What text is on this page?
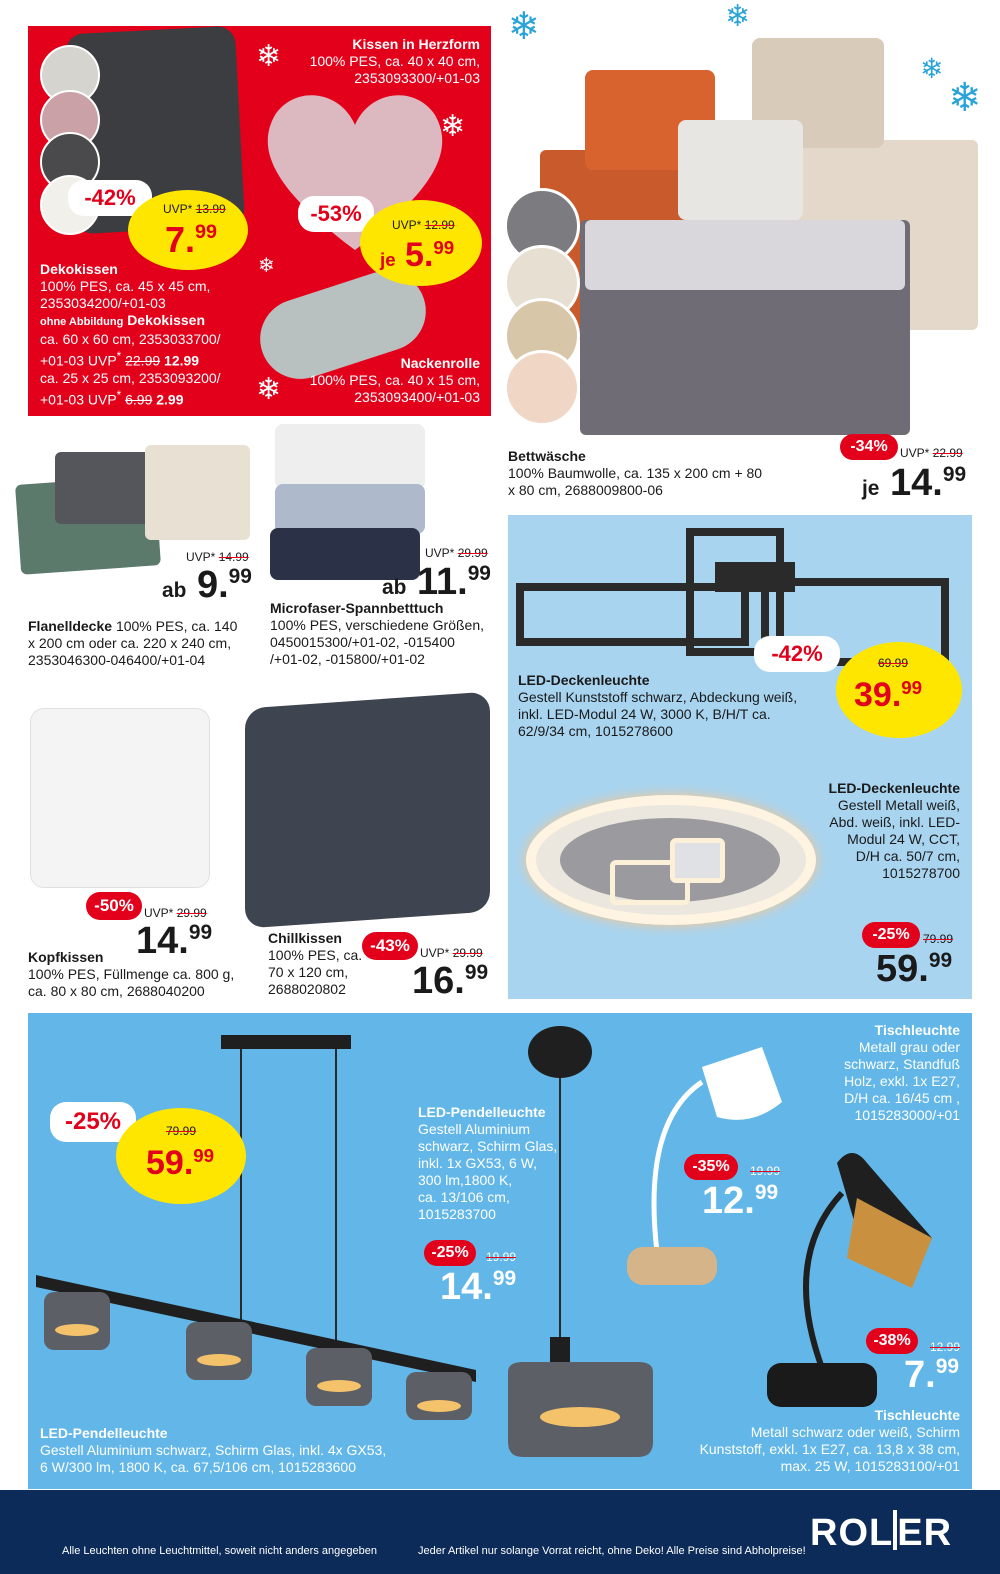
Kissen in Herzform
100% PES, ca. 40 x 40 cm,
2353093300/+01-03
❄
❄
❄
❄
-42%	UVP* 13.99
7.99
-53%	UVP* 12.99
je 5.99
Dekokissen
100% PES, ca. 45 x 45 cm,
2353034200/+01-03
ohne Abbildung Dekokissen
ca. 60 x 60 cm, 2353033700/
+01-03 UVP* 22.99 12.99
ca. 25 x 25 cm, 2353093200/
+01-03 UVP* 6.99 2.99
Nackenrolle
100% PES, ca. 40 x 15 cm,
2353093400/+01-03
❄	❄
❄
❄
Bettwäsche
100% Baumwolle, ca. 135 x 200 cm + 80
x 80 cm, 2688009800-06
-34%	UVP* 22.99
je 14.99
UVP* 14.99
ab 9.99
Flanelldecke 100% PES, ca. 140
x 200 cm oder ca. 220 x 240 cm,
2353046300-046400/+01-04
UVP* 29.99
ab 11.99
Microfaser-Spannbetttuch
100% PES, verschiedene Größen,
0450015300/+01-02, -015400
/+01-02, -015800/+01-02	-42%	69.99
39.99
LED-Deckenleuchte
Gestell Kunststoff schwarz, Abdeckung weiß,
inkl. LED-Modul 24 W, 3000 K, B/H/T ca.
62/9/34 cm, 1015278600
LED-Deckenleuchte
Gestell Metall weiß,
Abd. weiß, inkl. LED-
Modul 24 W, CCT,
D/H ca. 50/7 cm,
1015278700
-25%	79.99
59.99
-50% UVP* 29.99
14.99
Kopfkissen
100% PES, Füllmenge ca. 800 g,
ca. 80 x 80 cm, 2688040200
Chillkissen
100% PES, ca.
70 x 120 cm,
2688020802
-43% UVP* 29.99
16.99
-25%	79.99
59.99
LED-Pendelleuchte
Gestell Aluminium schwarz, Schirm Glas, inkl. 4x GX53,
6 W/300 lm, 1800 K, ca. 67,5/106 cm, 1015283600
LED-Pendelleuchte
Gestell Aluminium
schwarz, Schirm Glas,
inkl. 1x GX53, 6 W,
300 lm,1800 K,
ca. 13/106 cm,
1015283700
-25%	19.99
14.99
Tischleuchte
Metall grau oder
schwarz, Standfuß
Holz, exkl. 1x E27,
D/H ca. 16/45 cm ,
1015283000/+01
-35%	19.99
12.99
-38%	12.99
7.99
Tischleuchte
Metall schwarz oder weiß, Schirm
Kunststoff, exkl. 1x E27, ca. 13,8 x 38 cm,
max. 25 W, 1015283100/+01
Alle Leuchten ohne Leuchtmittel, soweit nicht anders angegeben	Jeder Artikel nur solange Vorrat reicht, ohne Deko! Alle Preise sind Abholpreise! ROL ER
